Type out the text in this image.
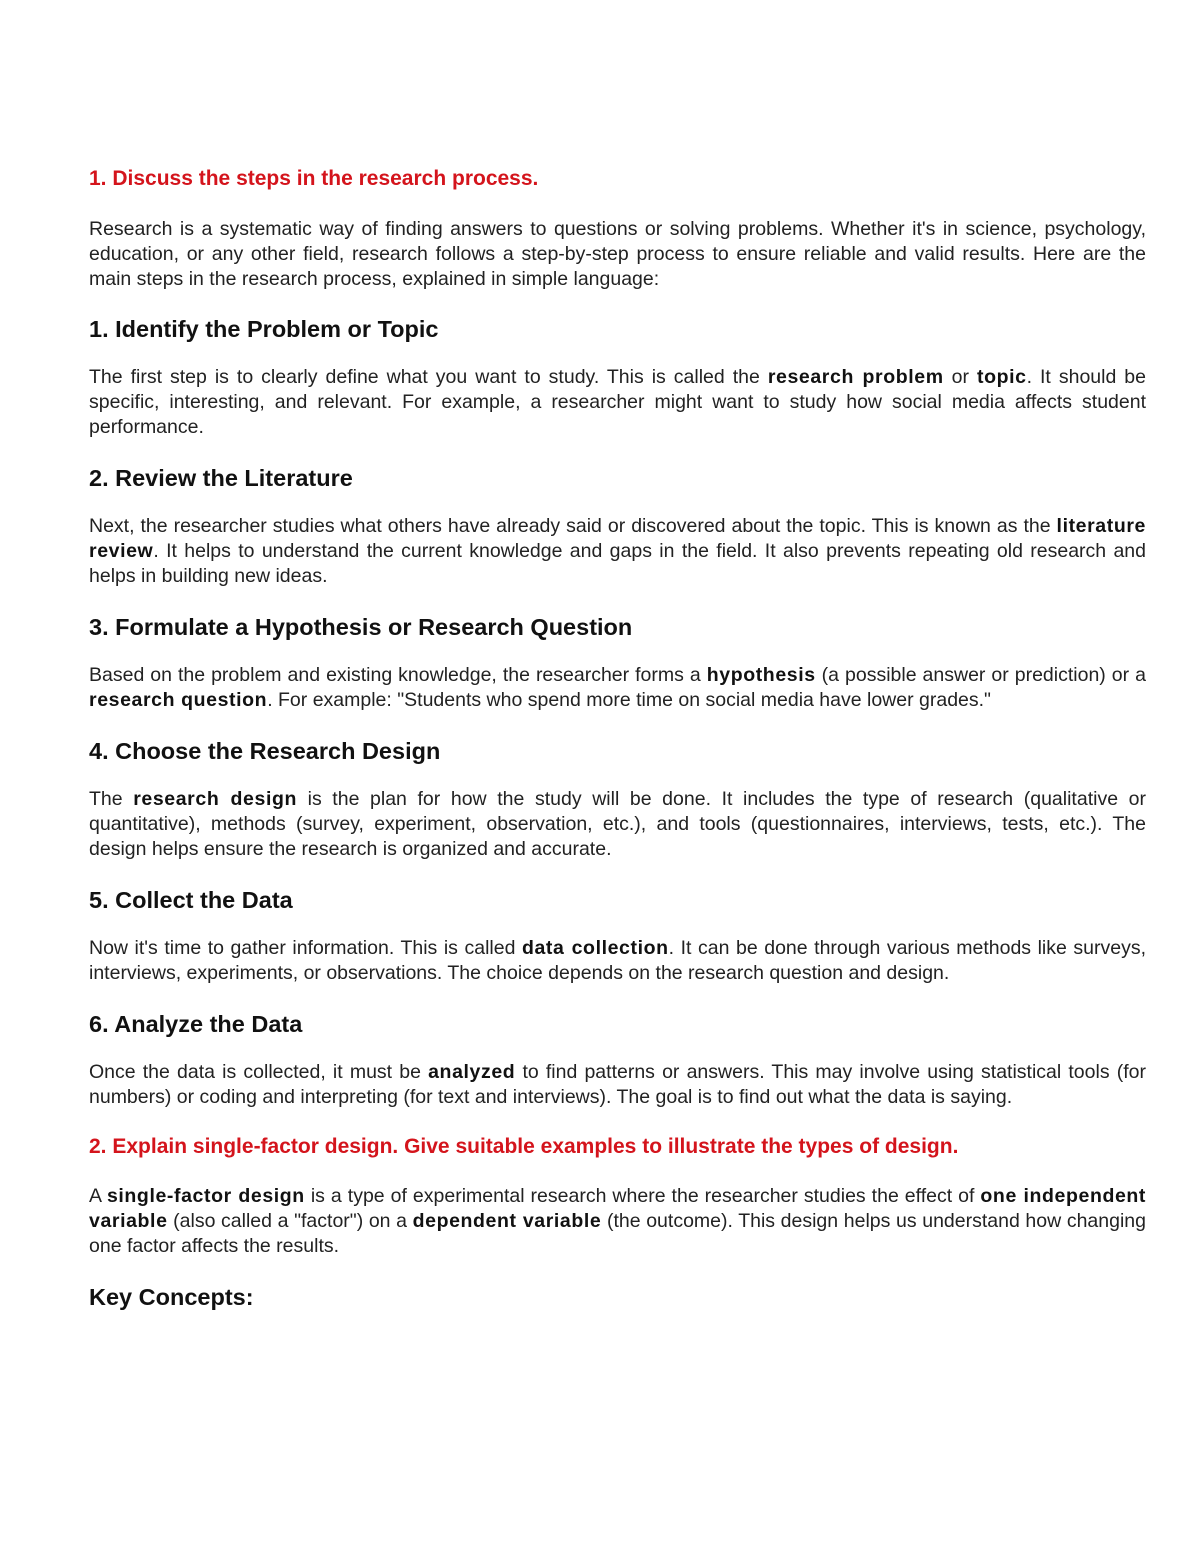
1. Discuss the steps in the research process.

Research is a systematic way of finding answers to questions or solving problems. Whether it's in science, psychology, education, or any other field, research follows a step-by-step process to ensure reliable and valid results. Here are the main steps in the research process, explained in simple language:

1. Identify the Problem or Topic

The first step is to clearly define what you want to study. This is called the research problem or topic. It should be specific, interesting, and relevant. For example, a researcher might want to study how social media affects student performance.

2. Review the Literature

Next, the researcher studies what others have already said or discovered about the topic. This is known as the literature review. It helps to understand the current knowledge and gaps in the field. It also prevents repeating old research and helps in building new ideas.

3. Formulate a Hypothesis or Research Question

Based on the problem and existing knowledge, the researcher forms a hypothesis (a possible answer or prediction) or a research question. For example: "Students who spend more time on social media have lower grades."

4. Choose the Research Design

The research design is the plan for how the study will be done. It includes the type of research (qualitative or quantitative), methods (survey, experiment, observation, etc.), and tools (questionnaires, interviews, tests, etc.). The design helps ensure the research is organized and accurate.

5. Collect the Data

Now it's time to gather information. This is called data collection. It can be done through various methods like surveys, interviews, experiments, or observations. The choice depends on the research question and design.

6. Analyze the Data

Once the data is collected, it must be analyzed to find patterns or answers. This may involve using statistical tools (for numbers) or coding and interpreting (for text and interviews). The goal is to find out what the data is saying.

2. Explain single-factor design. Give suitable examples to illustrate the types of design.

A single-factor design is a type of experimental research where the researcher studies the effect of one independent variable (also called a "factor") on a dependent variable (the outcome). This design helps us understand how changing one factor affects the results.

Key Concepts:
